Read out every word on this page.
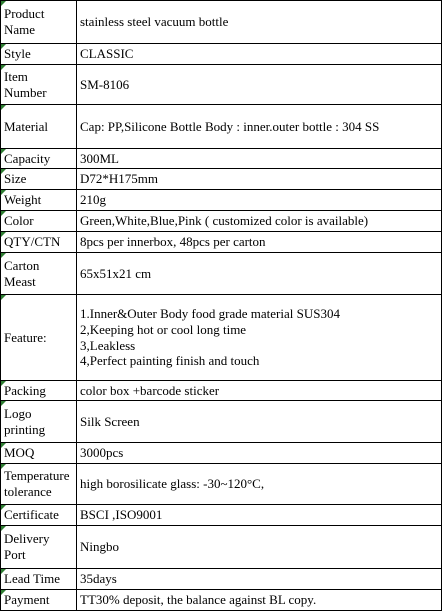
Product Name	stainless steel vacuum bottle
Style	CLASSIC
Item Number	SM-8106
Material	Cap: PP,Silicone Bottle Body : inner.outer bottle : 304 SS
Capacity	300ML
Size	D72*H175mm
Weight	210g
Color	Green,White,Blue,Pink ( customized color is available)
QTY/CTN	8pcs per innerbox, 48pcs per carton
Carton Meast	65x51x21 cm
Feature:	1.Inner&Outer Body food grade material SUS304
2,Keeping hot or cool long time
3,Leakless
4,Perfect painting finish and touch

Packing	color box +barcode sticker
Logo printing	Silk Screen
MOQ	3000pcs
Temperature tolerance	high borosilicate glass: -30~120°C,
Certificate	BSCI ,ISO9001
Delivery Port	Ningbo
Lead Time	35days
Payment	TT30% deposit, the balance against BL copy.
